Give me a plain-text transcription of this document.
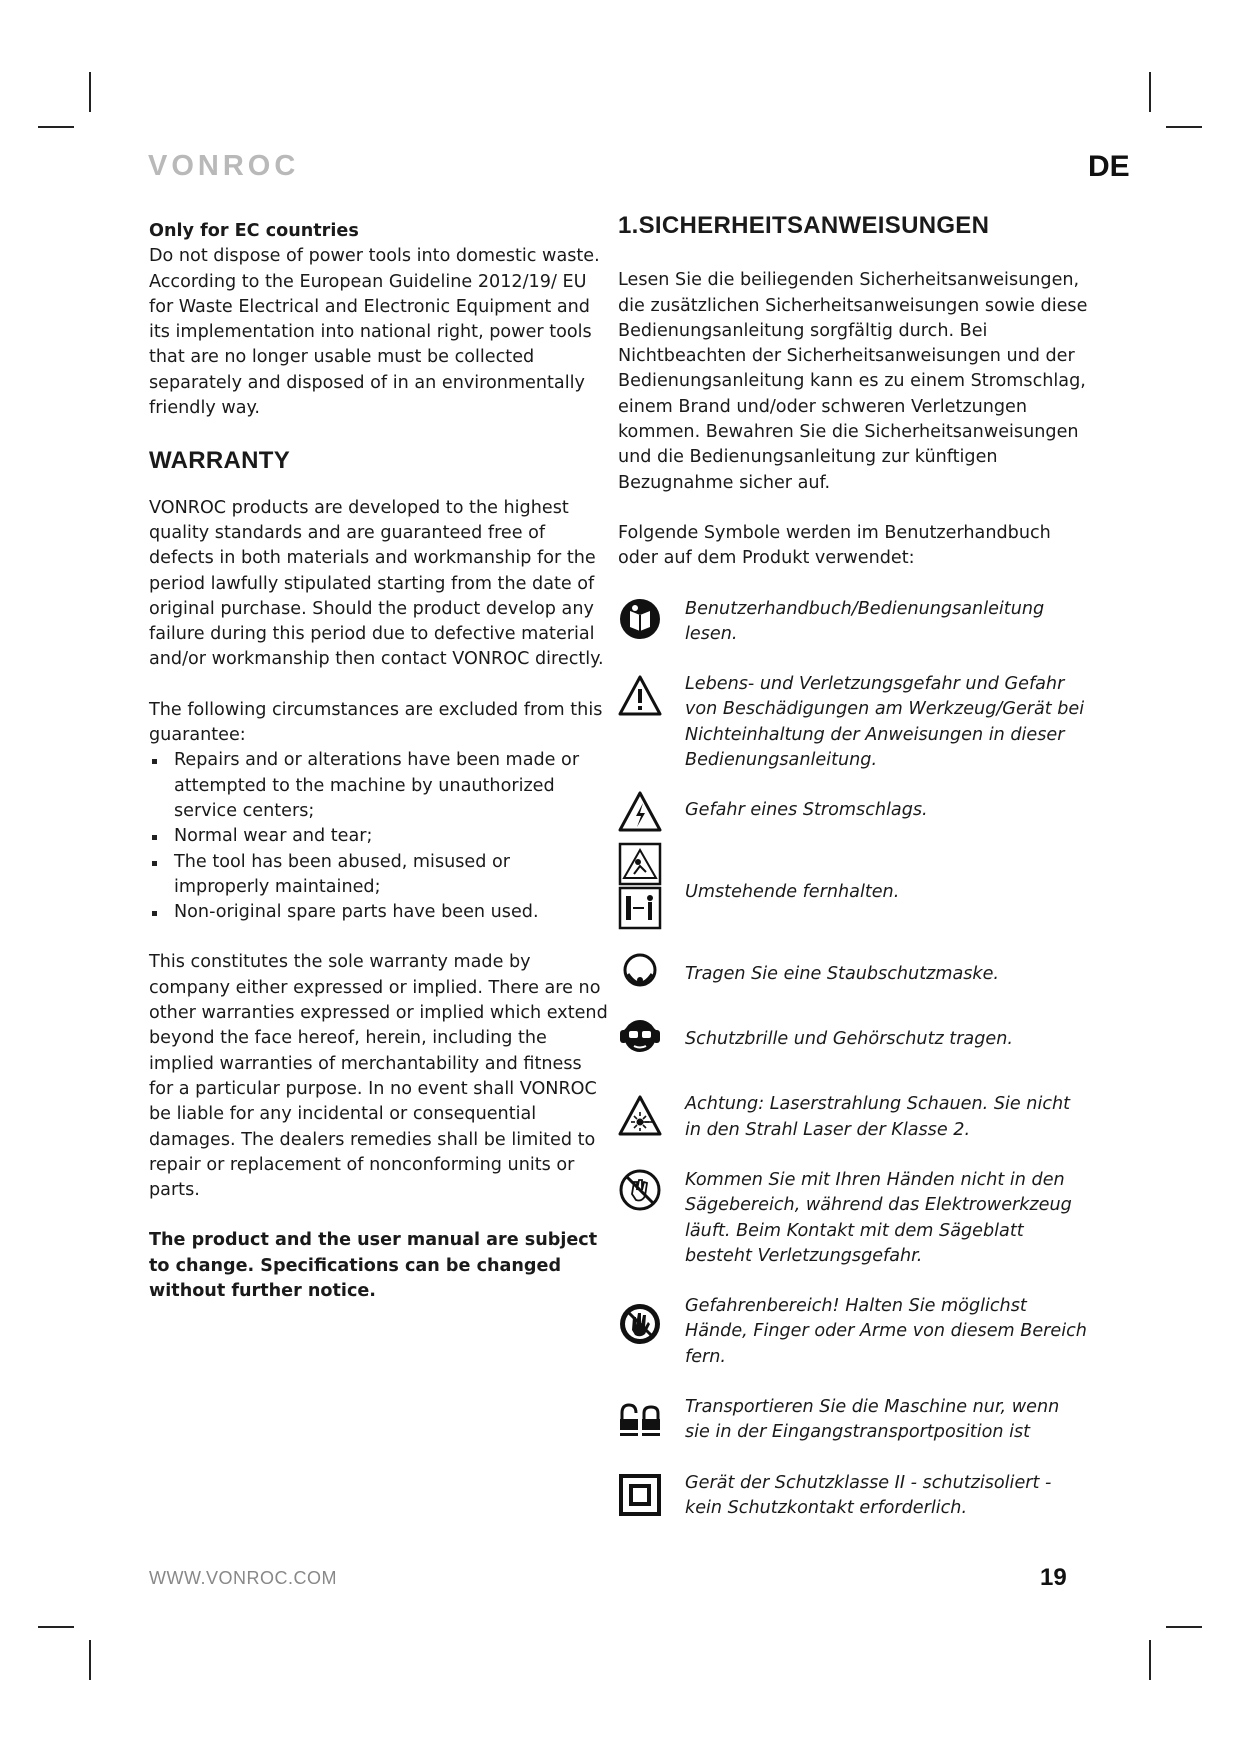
VONROC	DE

Only for EC countries

Do not dispose of power tools into domestic waste. According to the European Guideline 2012/19/ EU for Waste Electrical and Electronic Equipment and its implementation into national right, power tools that are no longer usable must be collected separately and disposed of in an environmentally friendly way.

WARRANTY

VONROC products are developed to the highest quality standards and are guaranteed free of defects in both materials and workmanship for the period lawfully stipulated starting from the date of original purchase. Should the product develop any failure during this period due to defective material and/or workmanship then contact VONROC directly.

The following circumstances are excluded from this guarantee:

Repairs and or alterations have been made or attempted to the machine by unauthorized service centers;
Normal wear and tear;
The tool has been abused, misused or improperly maintained;
Non-original spare parts have been used.

This constitutes the sole warranty made by company either expressed or implied. There are no other warranties expressed or implied which extend beyond the face hereof, herein, including the implied warranties of merchantability and fitness for a particular purpose. In no event shall VONROC be liable for any incidental or consequential damages. The dealers remedies shall be limited to repair or replacement of nonconforming units or parts.

The product and the user manual are subject to change. Specifications can be changed without further notice.

1.SICHERHEITSANWEISUNGEN

Lesen Sie die beiliegenden Sicherheitsanweisungen, die zusätzlichen Sicherheitsanweisungen sowie diese Bedienungsanleitung sorgfältig durch. Bei Nichtbeachten der Sicherheitsanweisungen und der Bedienungsanleitung kann es zu einem Stromschlag, einem Brand und/oder schweren Verletzungen kommen. Bewahren Sie die Sicherheitsanweisungen und die Bedienungsanleitung zur künftigen Bezugnahme sicher auf.

Folgende Symbole werden im Benutzerhandbuch oder auf dem Produkt verwendet:

Benutzerhandbuch/Bedienungsanleitung lesen.

Lebens- und Verletzungsgefahr und Gefahr von Beschädigungen am Werkzeug/Gerät bei Nichteinhaltung der Anweisungen in dieser Bedienungsanleitung.

Gefahr eines Stromschlags.

Umstehende fernhalten.

Tragen Sie eine Staubschutzmaske.

Schutzbrille und Gehörschutz tragen.

Achtung: Laserstrahlung Schauen. Sie nicht in den Strahl Laser der Klasse 2.

Kommen Sie mit Ihren Händen nicht in den Sägebereich, während das Elektrowerkzeug läuft. Beim Kontakt mit dem Sägeblatt besteht Verletzungsgefahr.

Gefahrenbereich! Halten Sie möglichst Hände, Finger oder Arme von diesem Bereich fern.

Transportieren Sie die Maschine nur, wenn sie in der Eingangstransportposition ist

Gerät der Schutzklasse II - schutzisoliert - kein Schutzkontakt erforderlich.

WWW.VONROC.COM	19
